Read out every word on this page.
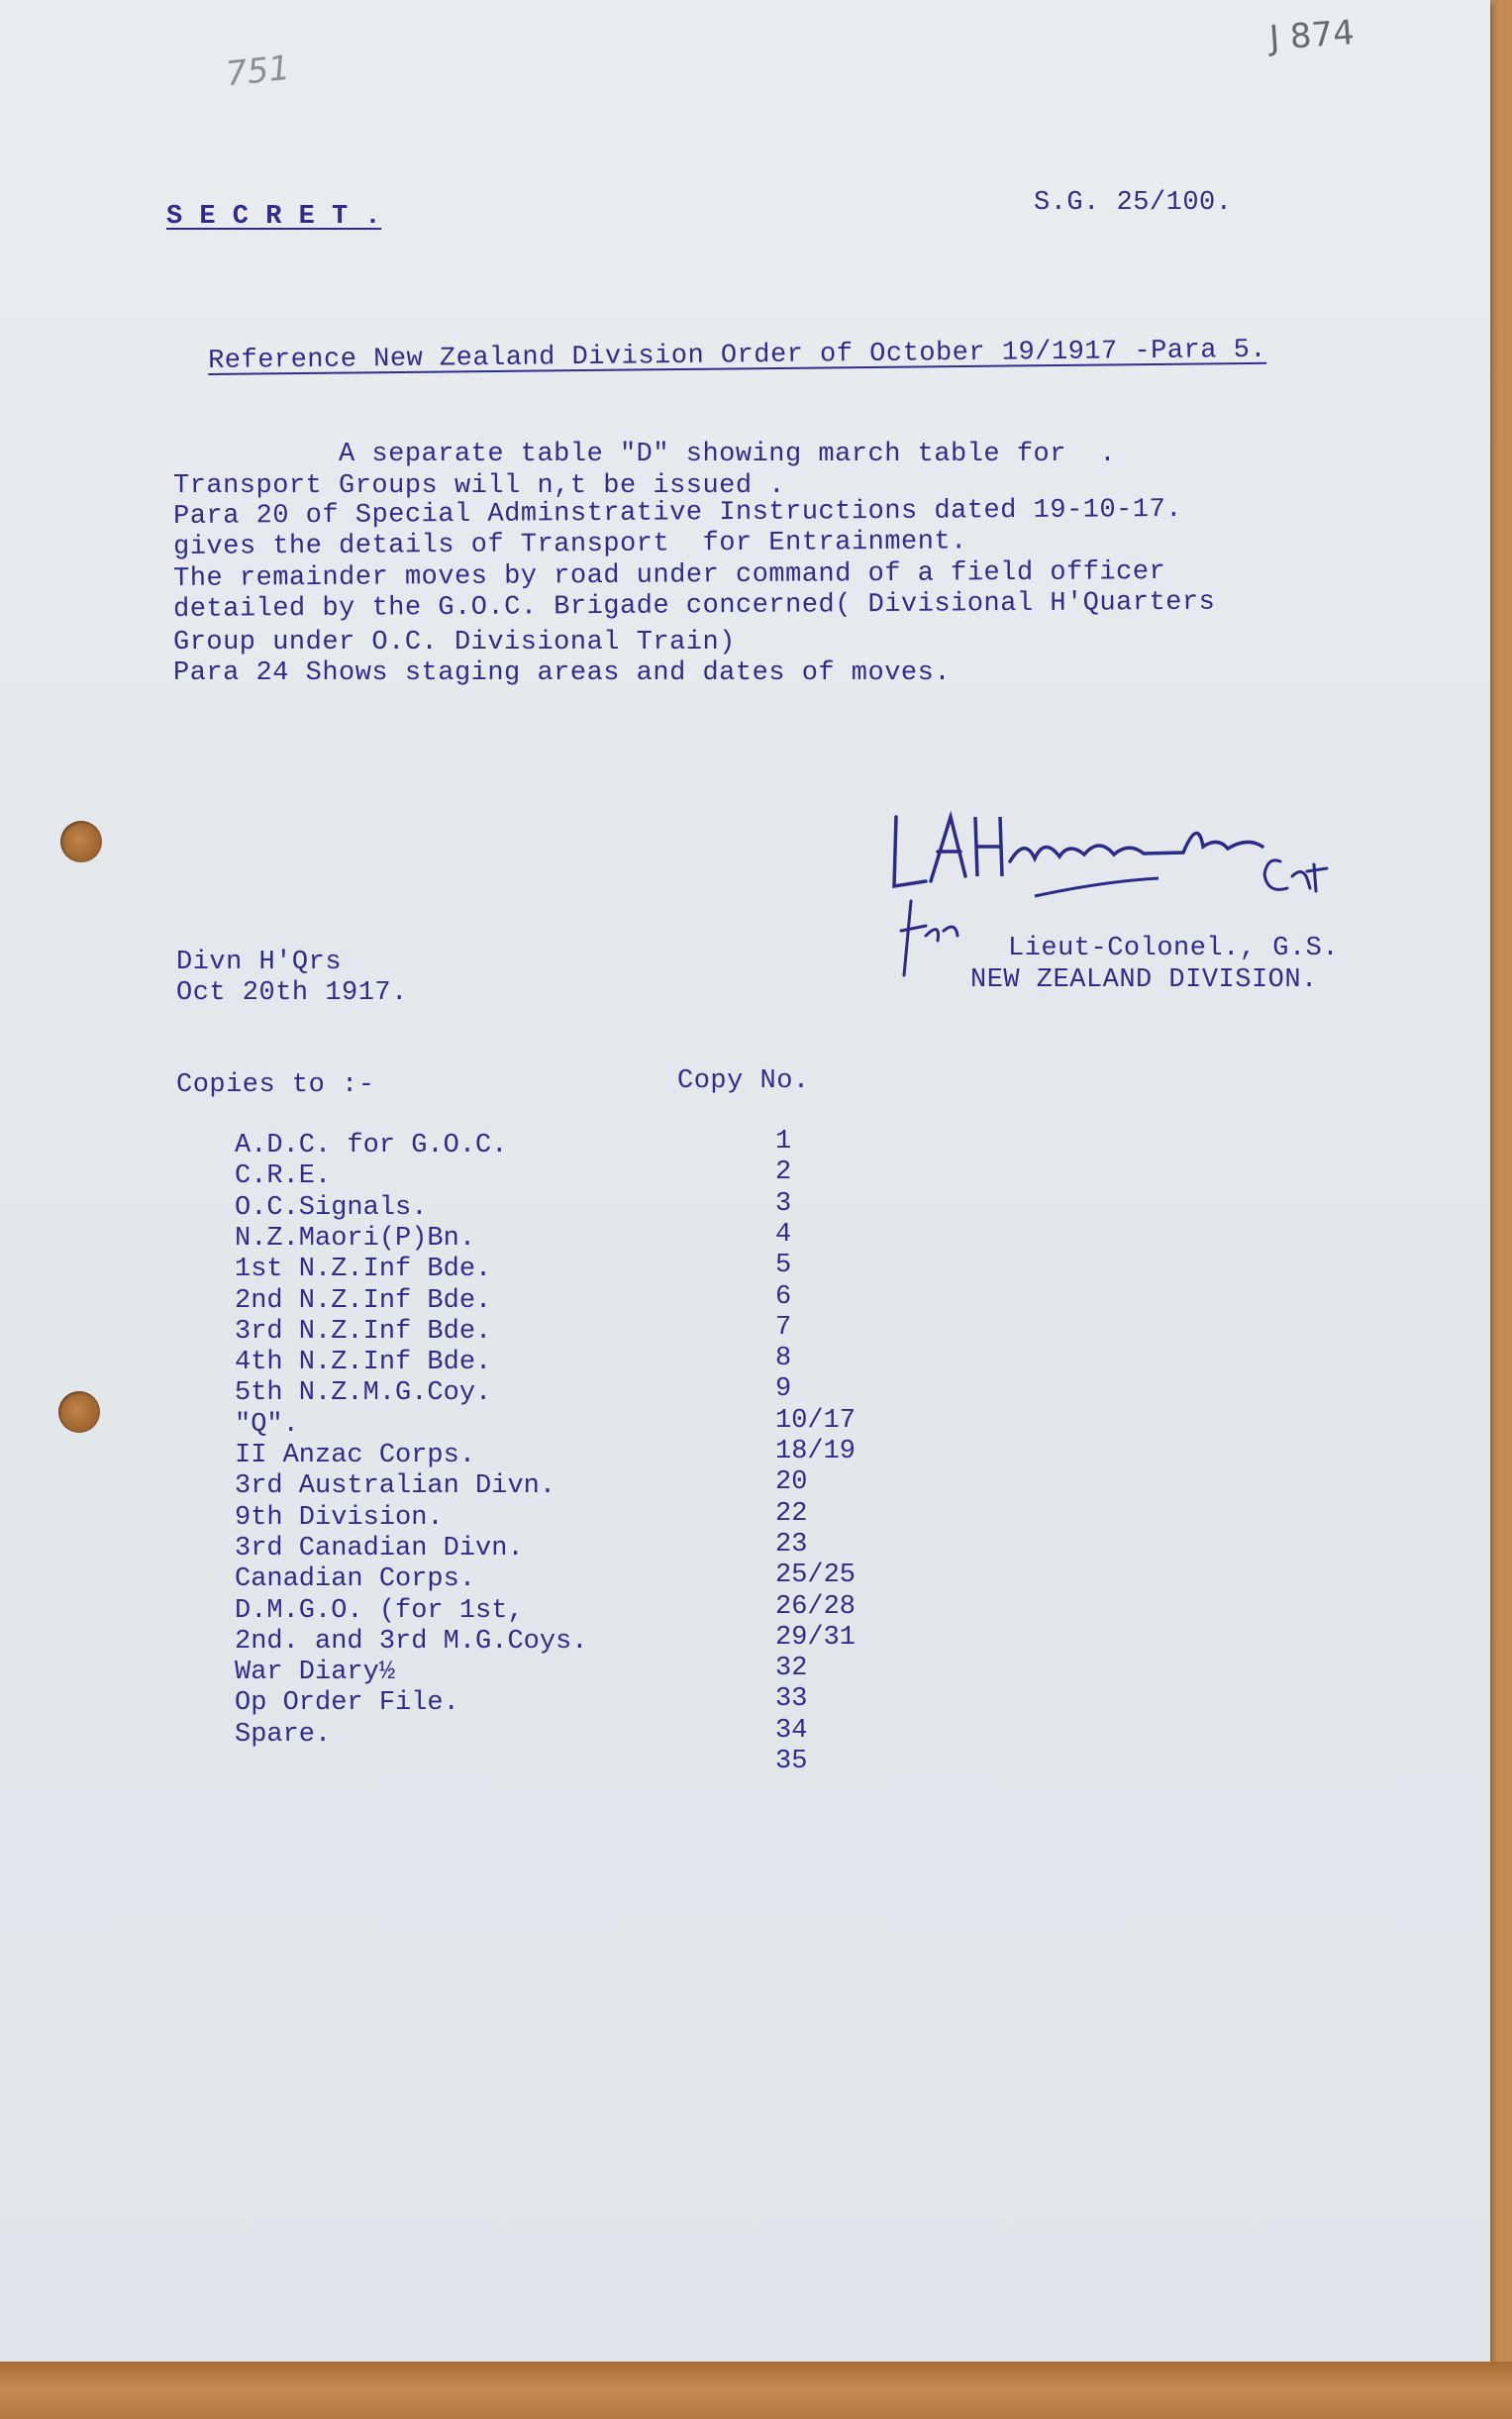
751
J 874
S E C R E T .	S.G. 25/100.
Reference New Zealand Division Order of October 19/1917 -Para 5.
A separate table "D" showing march table for  .
Transport Groups will n,t be issued .
Para 20 of Special Adminstrative Instructions dated 19-10-17.
gives the details of Transport  for Entrainment.
The remainder moves by road under command of a field officer
detailed by the G.O.C. Brigade concerned( Divisional H'Quarters
Group under O.C. Divisional Train)
Para 24 Shows staging areas and dates of moves.
Lieut-Colonel., G.S.
NEW ZEALAND DIVISION.
Divn H'Qrs
Oct 20th 1917.
Copies to :-	Copy No.
A.D.C. for G.O.C.
C.R.E.
O.C.Signals.
N.Z.Maori(P)Bn.
1st N.Z.Inf Bde.
2nd N.Z.Inf Bde.
3rd N.Z.Inf Bde.
4th N.Z.Inf Bde.
5th N.Z.M.G.Coy.
"Q".
II Anzac Corps.
3rd Australian Divn.
9th Division.
3rd Canadian Divn.
Canadian Corps.
D.M.G.O. (for 1st,
2nd. and 3rd M.G.Coys.
War Diary½
Op Order File.
Spare.
1
2
3
4
5
6
7
8
9
10/17
18/19
20
22
23
25/25
26/28
29/31
32
33
34
35
